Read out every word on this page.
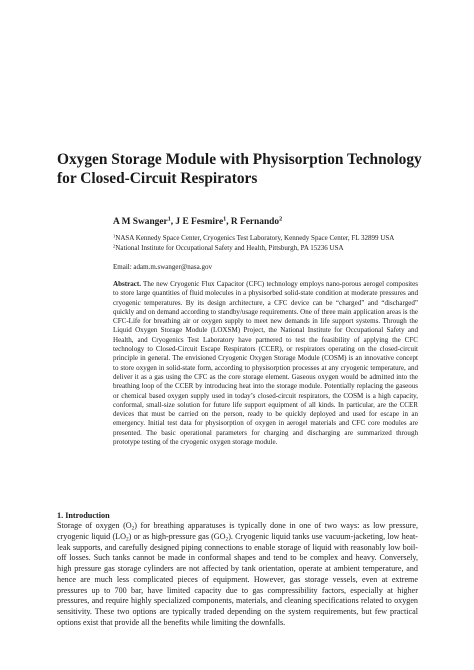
Oxygen Storage Module with Physisorption Technology for Closed-Circuit Respirators
A M Swanger$^1$, J E Fesmire$^1$, R Fernando$^2$
$^1$NASA Kennedy Space Center, Cryogenics Test Laboratory, Kennedy Space Center, FL 32899 USA
$^2$National Institute for Occupational Safety and Health, Pittsburgh, PA 15236 USA
Email: adam.m.swanger@nasa.gov

Abstract. The new Cryogenic Flux Capacitor (CFC) technology employs nano-porous aerogel composites to store large quantities of fluid molecules in a physisorbed solid-state condition at moderate pressures and cryogenic temperatures. By its design architecture, a CFC device can be “charged” and “discharged” quickly and on demand according to standby/usage requirements. One of three main application areas is the CFC-Life for breathing air or oxygen supply to meet new demands in life support systems. Through the Liquid Oxygen Storage Module (LOXSM) Project, the National Institute for Occupational Safety and Health, and Cryogenics Test Laboratory have partnered to test the feasibility of applying the CFC technology to Closed-Circuit Escape Respirators (CCER), or respirators operating on the closed-circuit principle in general. The envisioned Cryogenic Oxygen Storage Module (COSM) is an innovative concept to store oxygen in solid-state form, according to physisorption processes at any cryogenic temperature, and deliver it as a gas using the CFC as the core storage element. Gaseous oxygen would be admitted into the breathing loop of the CCER by introducing heat into the storage module. Potentially replacing the gaseous or chemical based oxygen supply used in today’s closed-circuit respirators, the COSM is a high capacity, conformal, small-size solution for future life support equipment of all kinds. In particular, are the CCER devices that must be carried on the person, ready to be quickly deployed and used for escape in an emergency. Initial test data for physisorption of oxygen in aerogel materials and CFC core modules are presented. The basic operational parameters for charging and discharging are summarized through prototype testing of the cryogenic oxygen storage module.

1. Introduction

Storage of oxygen $(O_2)$ for breathing apparatuses is typically done in one of two ways: as low pressure, cryogenic liquid $(LO_2)$ or as high-pressure gas $(GO_2)$. Cryogenic liquid tanks use vacuum-jacketing, low heat-leak supports, and carefully designed piping connections to enable storage of liquid with reasonably low boil-off losses. Such tanks cannot be made in conformal shapes and tend to be complex and heavy. Conversely, high pressure gas storage cylinders are not affected by tank orientation, operate at ambient temperature, and hence are much less complicated pieces of equipment. However, gas storage vessels, even at extreme pressures up to 700 bar, have limited capacity due to gas compressibility factors, especially at higher pressures, and require highly specialized components, materials, and cleaning specifications related to oxygen sensitivity. These two options are typically traded depending on the system requirements, but few practical options exist that provide all the benefits while limiting the downfalls.
